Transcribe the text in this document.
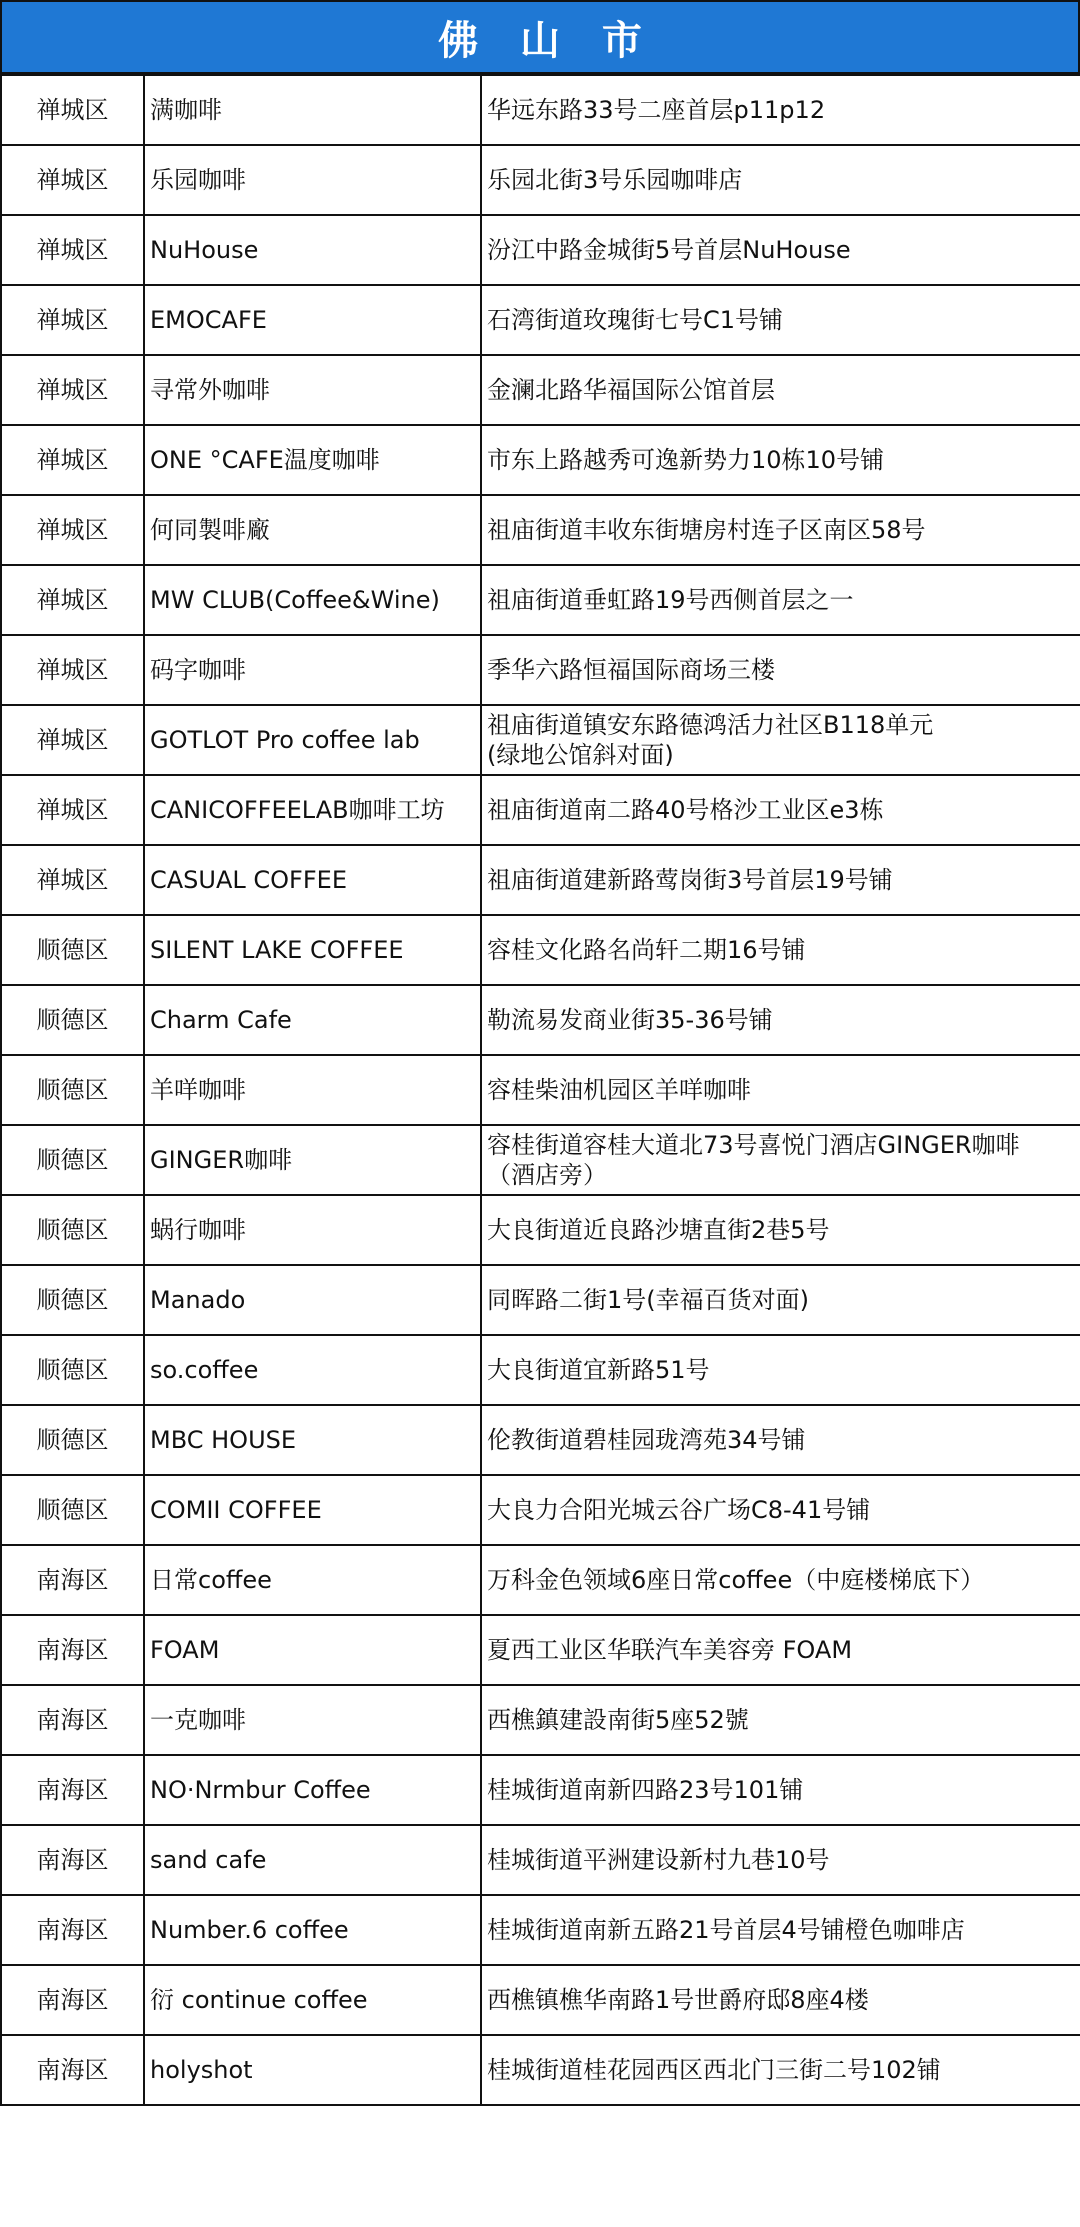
佛 山 市
禅城区	满咖啡	华远东路33号二座首层p11p12

禅城区	乐园咖啡	乐园北街3号乐园咖啡店

禅城区	NuHouse	汾江中路金城街5号首层NuHouse

禅城区	EMOCAFE	石湾街道玫瑰街七号C1号铺

禅城区	寻常外咖啡	金澜北路华福国际公馆首层

禅城区	ONE °CAFE温度咖啡	市东上路越秀可逸新势力10栋10号铺

禅城区	何同製啡廠	祖庙街道丰收东街塘房村连子区南区58号

禅城区	MW CLUB(Coffee&Wine)	祖庙街道垂虹路19号西侧首层之一

禅城区	码字咖啡	季华六路恒福国际商场三楼

禅城区	GOTLOT Pro coffee lab	祖庙街道镇安东路德鸿活力社区B118单元
(绿地公馆斜对面)

禅城区	CANICOFFEELAB咖啡工坊	祖庙街道南二路40号格沙工业区e3栋

禅城区	CASUAL COFFEE	祖庙街道建新路莺岗街3号首层19号铺

顺德区	SILENT LAKE COFFEE	容桂文化路名尚轩二期16号铺

顺德区	Charm Cafe	勒流易发商业街35-36号铺

顺德区	羊咩咖啡	容桂柴油机园区羊咩咖啡

顺德区	GINGER咖啡	容桂街道容桂大道北73号喜悦门酒店GINGER咖啡
（酒店旁）

顺德区	蜗行咖啡	大良街道近良路沙塘直街2巷5号

顺德区	Manado	同晖路二街1号(幸福百货对面)

顺德区	so.coffee	大良街道宜新路51号

顺德区	MBC HOUSE	伦教街道碧桂园珑湾苑34号铺

顺德区	COMII COFFEE	大良力合阳光城云谷广场C8-41号铺

南海区	日常coffee	万科金色领域6座日常coffee（中庭楼梯底下）

南海区	FOAM	夏西工业区华联汽车美容旁 FOAM

南海区	一克咖啡	西樵鎮建設南街5座52號

南海区	NO·Nrmbur Coffee	桂城街道南新四路23号101铺

南海区	sand cafe	桂城街道平洲建设新村九巷10号

南海区	Number.6 coffee	桂城街道南新五路21号首层4号铺橙色咖啡店

南海区	衍 continue coffee	西樵镇樵华南路1号世爵府邸8座4楼

南海区	holyshot	桂城街道桂花园西区西北门三街二号102铺
